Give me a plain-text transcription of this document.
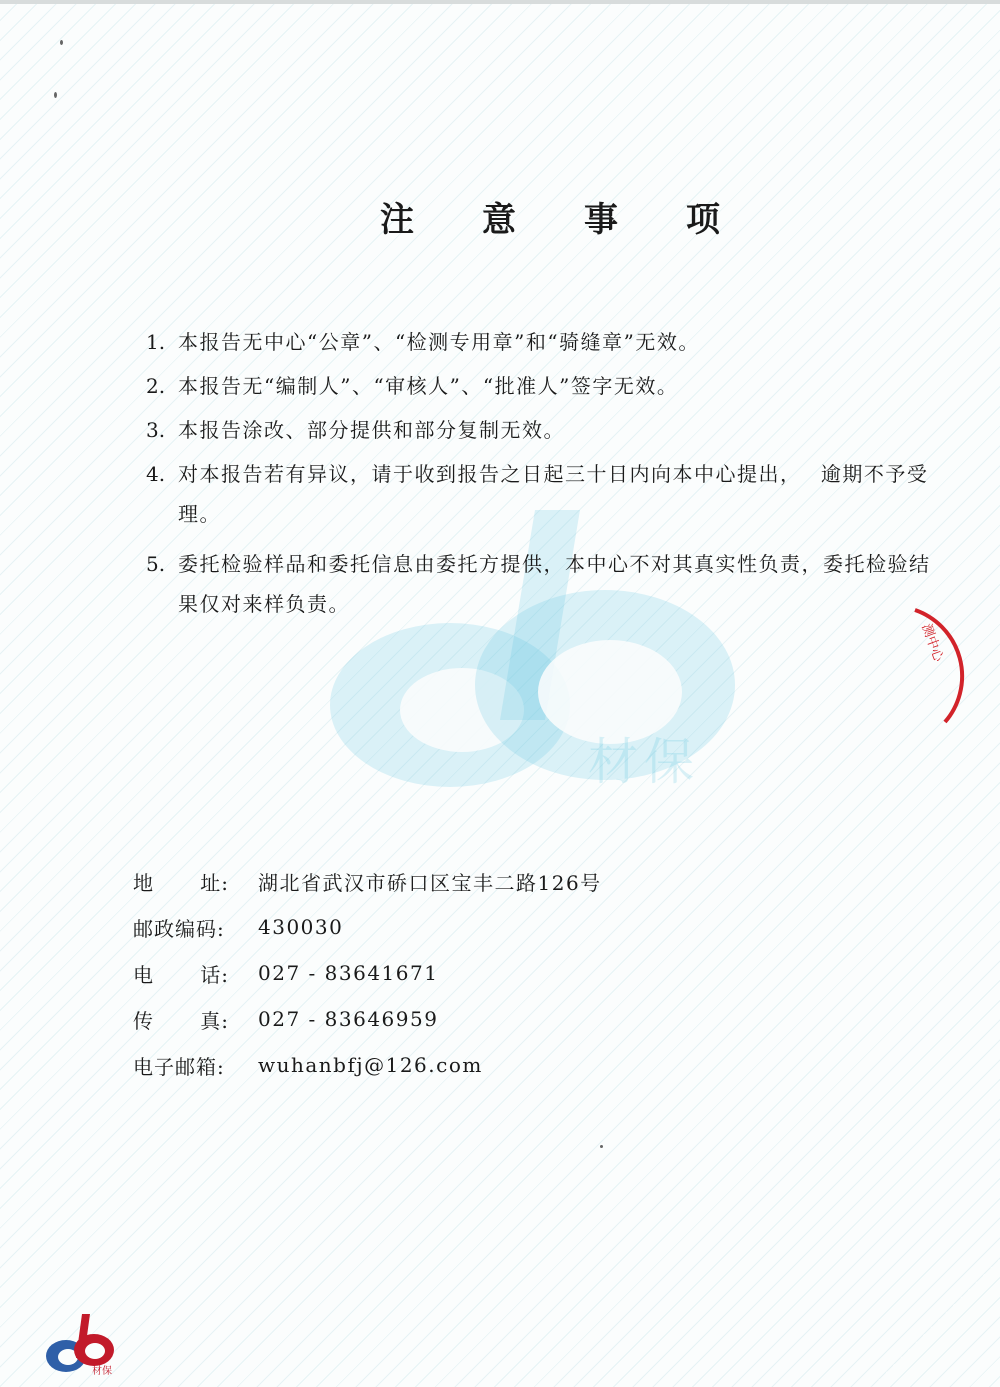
材保
注 意 事 项
1. 本报告无中心“公章”、“检测专用章”和“骑缝章”无效。
2. 本报告无“编制人”、“审核人”、“批准人”签字无效。
3. 本报告涂改、部分提供和部分复制无效。
4. 对本报告若有异议，请于收到报告之日起三十日内向本中心提出，　 逾期不予受理。
5. 委托检验样品和委托信息由委托方提供，本中心不对其真实性负责，委托检验结果仅对来样负责。
测中心
地 址: 湖北省武汉市硚口区宝丰二路126号
邮政编码:	430030
电 话: 027 - 83641671
传 真: 027 - 83646959
电子邮箱:	wuhanbfj@126.com
材保
